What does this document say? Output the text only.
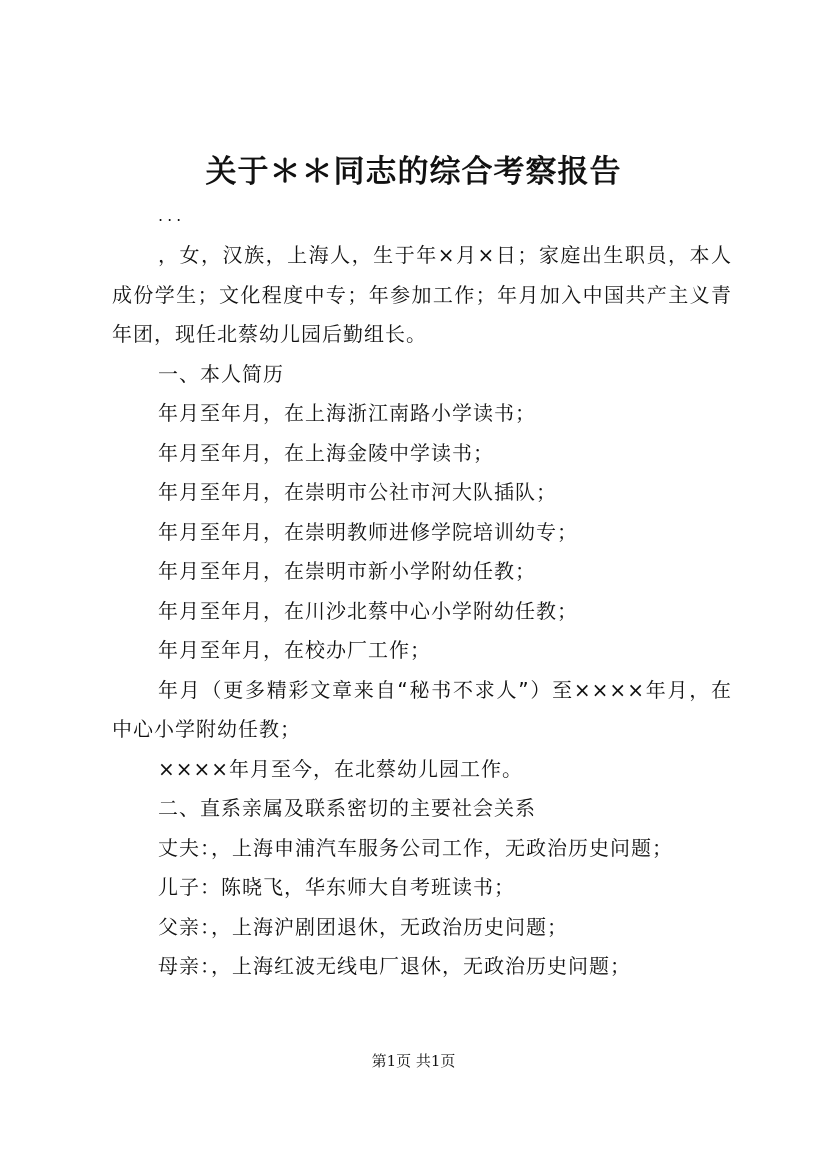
关于＊＊同志的综合考察报告
...

，女，汉族，上海人，生于年×月×日；家庭出生职员，本人成份学生；文化程度中专；年参加工作；年月加入中国共产主义青年团，现任北蔡幼儿园后勤组长。

一、本人简历

年月至年月，在上海浙江南路小学读书；

年月至年月，在上海金陵中学读书；

年月至年月，在崇明市公社市河大队插队；

年月至年月，在崇明教师进修学院培训幼专；

年月至年月，在崇明市新小学附幼任教；

年月至年月，在川沙北蔡中心小学附幼任教；

年月至年月，在校办厂工作；

年月（更多精彩文章来自“秘书不求人”）至××××年月，在中心小学附幼任教；

××××年月至今，在北蔡幼儿园工作。

二、直系亲属及联系密切的主要社会关系

丈夫：，上海申浦汽车服务公司工作，无政治历史问题；

儿子：陈晓飞，华东师大自考班读书；

父亲：，上海沪剧团退休，无政治历史问题；

母亲：，上海红波无线电厂退休，无政治历史问题；

第1页 共1页
